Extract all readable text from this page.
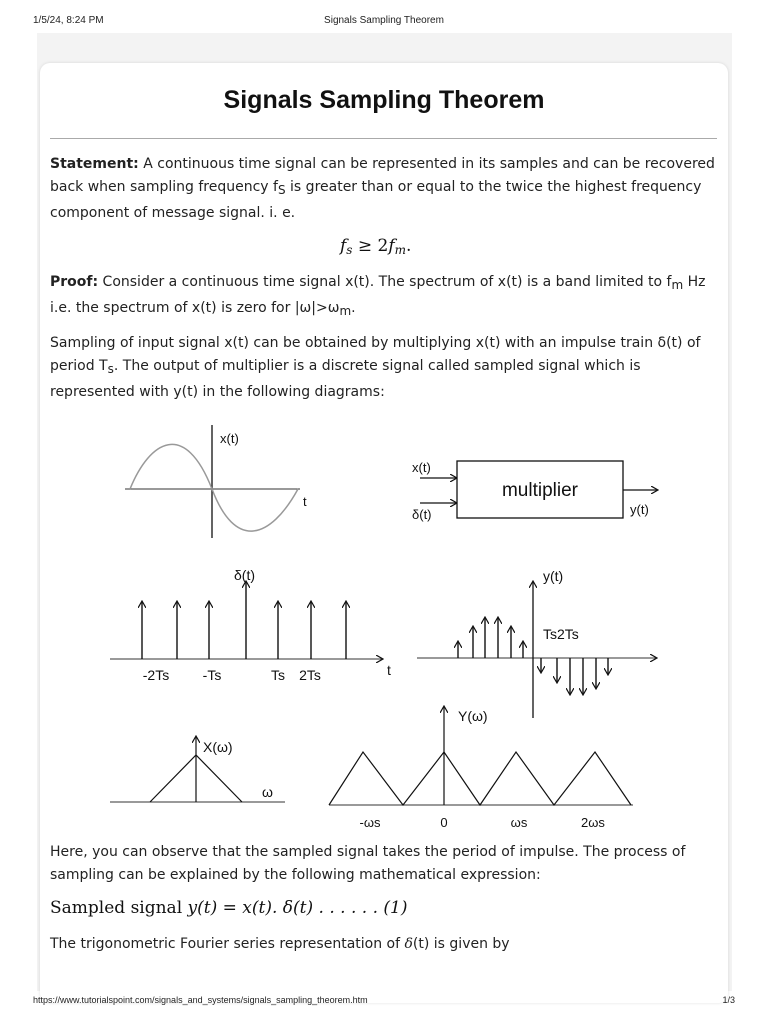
1/5/24, 8:24 PM	Signals Sampling Theorem
Signals Sampling Theorem

Statement: A continuous time signal can be represented in its samples and can be recovered back when sampling frequency fS is greater than or equal to the twice the highest frequency component of message signal. i. e.

$f_s \ge 2f_m$.

Proof: Consider a continuous time signal x(t). The spectrum of x(t) is a band limited to fm Hz i.e. the spectrum of x(t) is zero for |ω|>ωm.

Sampling of input signal x(t) can be obtained by multiplying x(t) with an impulse train δ(t) of period Ts. The output of multiplier is a discrete signal called sampled signal which is represented with y(t) in the following diagrams:

x(t)
t
x(t)
δ(t)
multiplier
y(t)
δ(t)
t
-2Ts -Ts	Ts 2Ts
y(t)
Ts2Ts
X(ω)
ω
Y(ω)
-ωs	0	ωs	2ωs

Here, you can observe that the sampled signal takes the period of impulse. The process of sampling can be explained by the following mathematical expression:

Sampled signal y(t) = x(t). δ(t) . . . . . . (1)

The trigonometric Fourier series representation of δ(t) is given by

https://www.tutorialspoint.com/signals_and_systems/signals_sampling_theorem.htm	1/3
